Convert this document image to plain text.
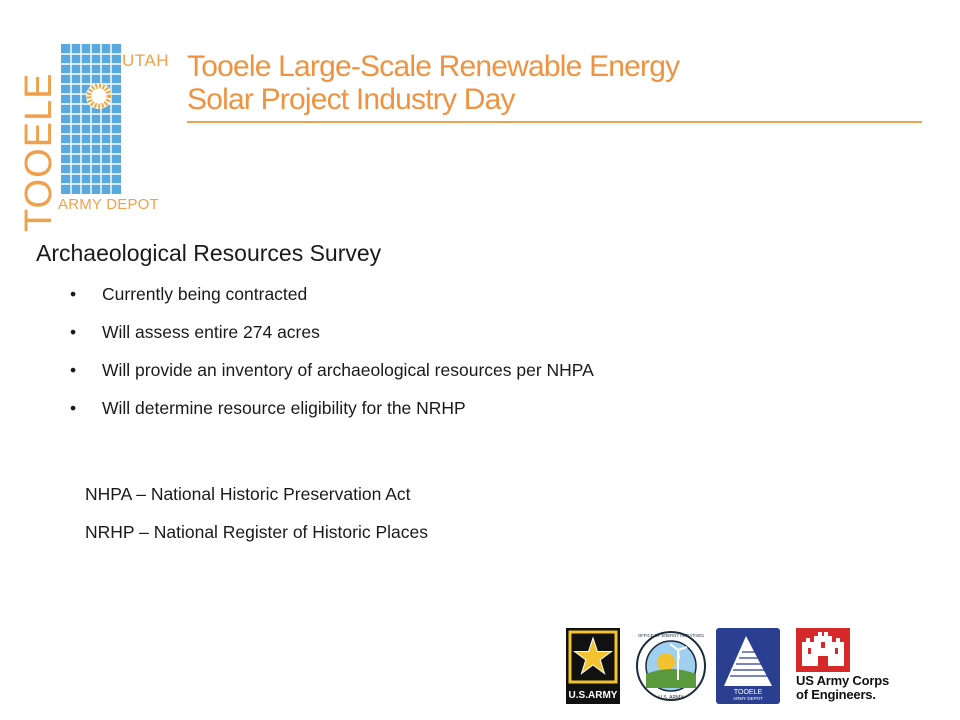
TOOELE
UTAH
ARMY DEPOT
Tooele Large-Scale Renewable Energy
Solar Project Industry Day
Archaeological Resources Survey
• Currently being contracted
• Will assess entire 274 acres
• Will provide an inventory of archaeological resources per NHPA
• Will determine resource eligibility for the NRHP
NHPA – National Historic Preservation Act
NRHP – National Register of Historic Places
U.S.ARMY
OFFICE OF ENERGY INITIATIVES
U.S. ARMY
TOOELE
ARMY DEPOT
US Army Corps
of Engineers.
